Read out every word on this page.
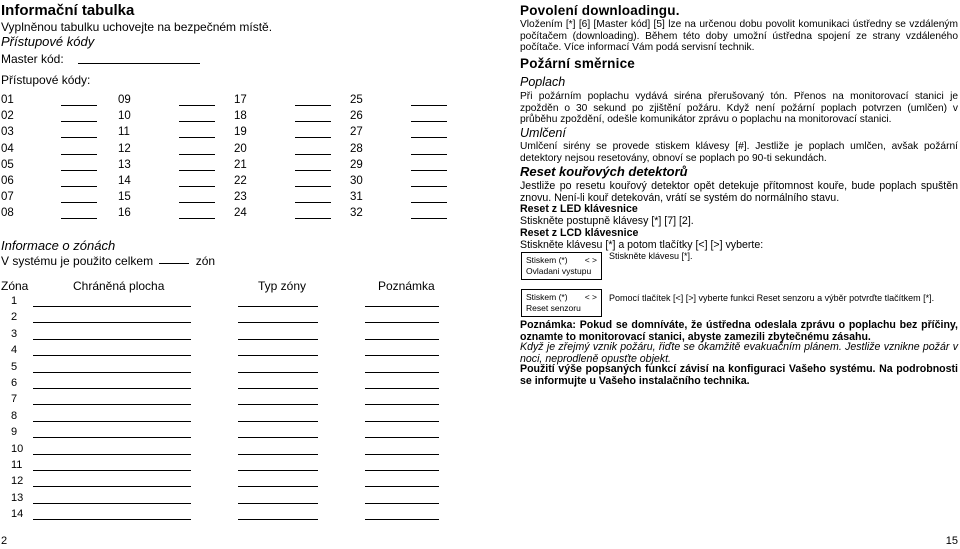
Informační tabulka
Vyplněnou tabulku uchovejte na bezpečném místě.
Přístupové kódy
Master kód:
Přístupové kódy:
01	09	17	25
02	10	18	26
03	11	19	27
04	12	20	28
05	13	21	29
06	14	22	30
07	15	23	31
08	16	24	32
Informace o zónách
V systému je použito celkem	zón
Zóna	Chráněná plocha	Typ zóny	Poznámka
1
2
3
4
5
6
7
8
9
10
11
12
13
14
2
Povolení downloadingu.
Vložením [*] [6] [Master kód] [5] lze na určenou dobu povolit komunikaci ústředny se vzdáleným počítačem (downloading). Během této doby umožní ústředna spojení ze strany vzdáleného počítače. Více informací Vám podá servisní technik.
Požární směrnice
Poplach
Při požárním poplachu vydává siréna přerušovaný tón. Přenos na monitorovací stanici je zpožděn o 30 sekund po zjištění požáru. Když není požární poplach potvrzen (umlčen) v průběhu zpoždění, odešle komunikátor zprávu o poplachu na monitorovací stanici.
Umlčení
Umlčení sirény se provede stiskem klávesy [#]. Jestliže je poplach umlčen, avšak požární detektory nejsou resetovány, obnoví se poplach po 90-ti sekundách.
Reset kouřových detektorů
Jestliže po resetu kouřový detektor opět detekuje přítomnost kouře, bude poplach spuštěn znovu. Není-li kouř detekován, vrátí se systém do normálního stavu.
Reset z LED klávesnice
Stiskněte postupně klávesy [*] [7] [2].
Reset z LCD klávesnice
Stiskněte klávesu [*] a potom tlačítky [<] [>] vyberte:
Stiskem (*) < >
Ovladani vystupu
Stiskněte klávesu [*].
Stiskem (*) < >
Reset senzoru
Pomocí tlačítek [<] [>] vyberte funkci Reset senzoru a výběr potvrďte tlačítkem [*].
Poznámka: Pokud se domníváte, že ústředna odeslala zprávu o poplachu bez příčiny, oznamte to monitorovací stanici, abyste zamezili zbytečnému zásahu.
Když je zřejmý vznik požáru, řiďte se okamžitě evakuačním plánem. Jestliže vznikne požár v noci, neprodleně opusťte objekt.
Použití výše popsaných funkcí závisí na konfiguraci Vašeho systému. Na podrobnosti se informujte u Vašeho instalačního technika.
15
